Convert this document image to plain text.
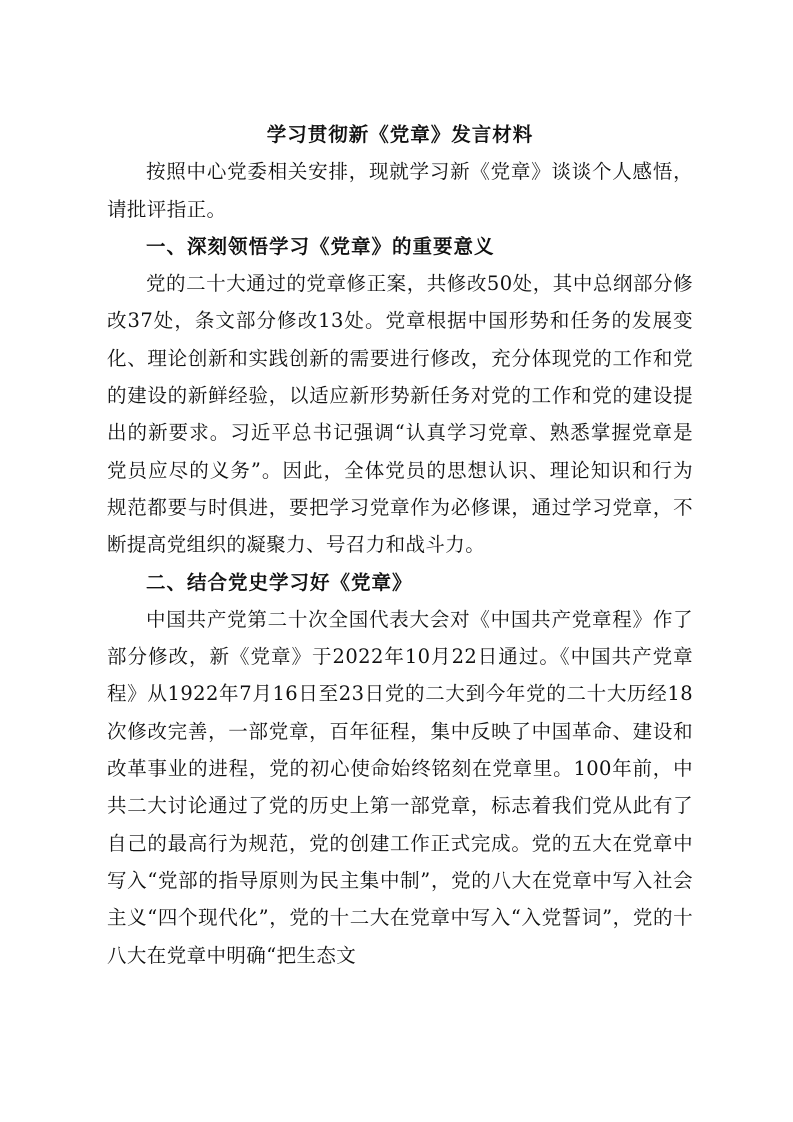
学习贯彻新《党章》发言材料

按照中心党委相关安排，现就学习新《党章》谈谈个人感悟，请批评指正。

一、深刻领悟学习《党章》的重要意义

党的二十大通过的党章修正案，共修改50处，其中总纲部分修改37处，条文部分修改13处。党章根据中国形势和任务的发展变化、理论创新和实践创新的需要进行修改，充分体现党的工作和党的建设的新鲜经验，以适应新形势新任务对党的工作和党的建设提出的新要求。习近平总书记强调“认真学习党章、熟悉掌握党章是党员应尽的义务”。因此，全体党员的思想认识、理论知识和行为规范都要与时俱进，要把学习党章作为必修课，通过学习党章，不断提高党组织的凝聚力、号召力和战斗力。

二、结合党史学习好《党章》

中国共产党第二十次全国代表大会对《中国共产党章程》作了部分修改，新《党章》于2022年10月22日通过。《中国共产党章程》从1922年7月16日至23日党的二大到今年党的二十大历经18次修改完善，一部党章，百年征程，集中反映了中国革命、建设和改革事业的进程，党的初心使命始终铭刻在党章里。100年前，中共二大讨论通过了党的历史上第一部党章，标志着我们党从此有了自己的最高行为规范，党的创建工作正式完成。党的五大在党章中写入“党部的指导原则为民主集中制”，党的八大在党章中写入社会主义“四个现代化”，党的十二大在党章中写入“入党誓词”，党的十八大在党章中明确“把生态文
